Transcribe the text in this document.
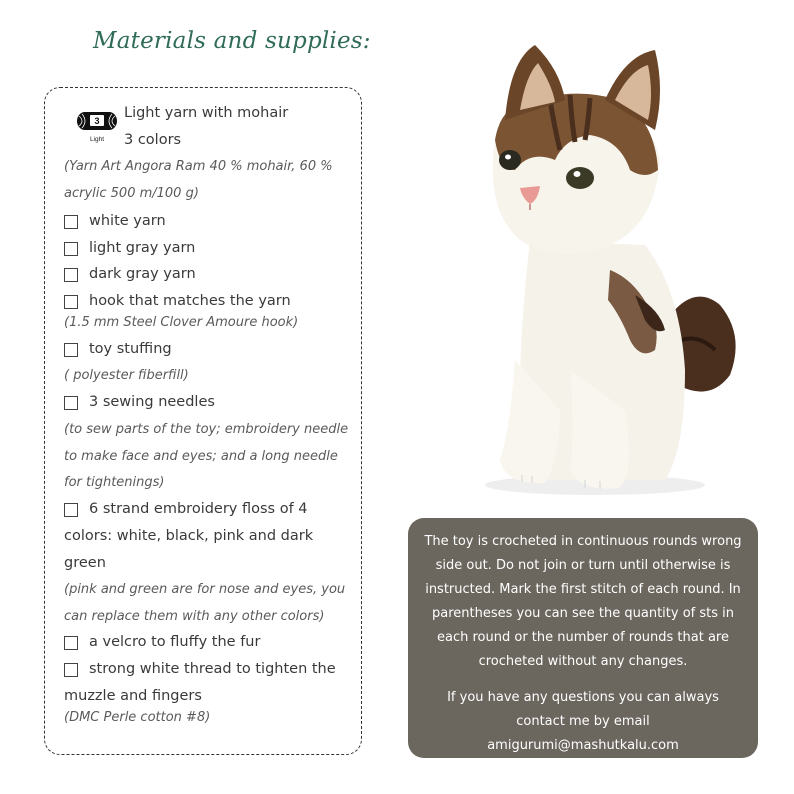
Materials and supplies:
3
Light
Light yarn with mohair
3 colors
(Yarn Art Angora Ram 40 % mohair, 60 %
acrylic 500 m/100 g)
white yarn
light gray yarn
dark gray yarn
hook that matches the yarn
(1.5 mm Steel Clover Amoure hook)
toy stuffing
( polyester fiberfill)
3 sewing needles
(to sew parts of the toy; embroidery needle
to make face and eyes; and a long needle
for tightenings)
6 strand embroidery floss of 4
colors: white, black, pink and dark
green
(pink and green are for nose and eyes, you
can replace them with any other colors)
a velcro to fluffy the fur
strong white thread to tighten the
muzzle and fingers
(DMC Perle cotton #8)

The toy is crocheted in continuous rounds wrong side out. Do not join or turn until otherwise is instructed. Mark the first stitch of each round. In parentheses you can see the quantity of sts in each round or the number of rounds that are crocheted without any changes.

If you have any questions you can always contact me by email amigurumi@mashutkalu.com
